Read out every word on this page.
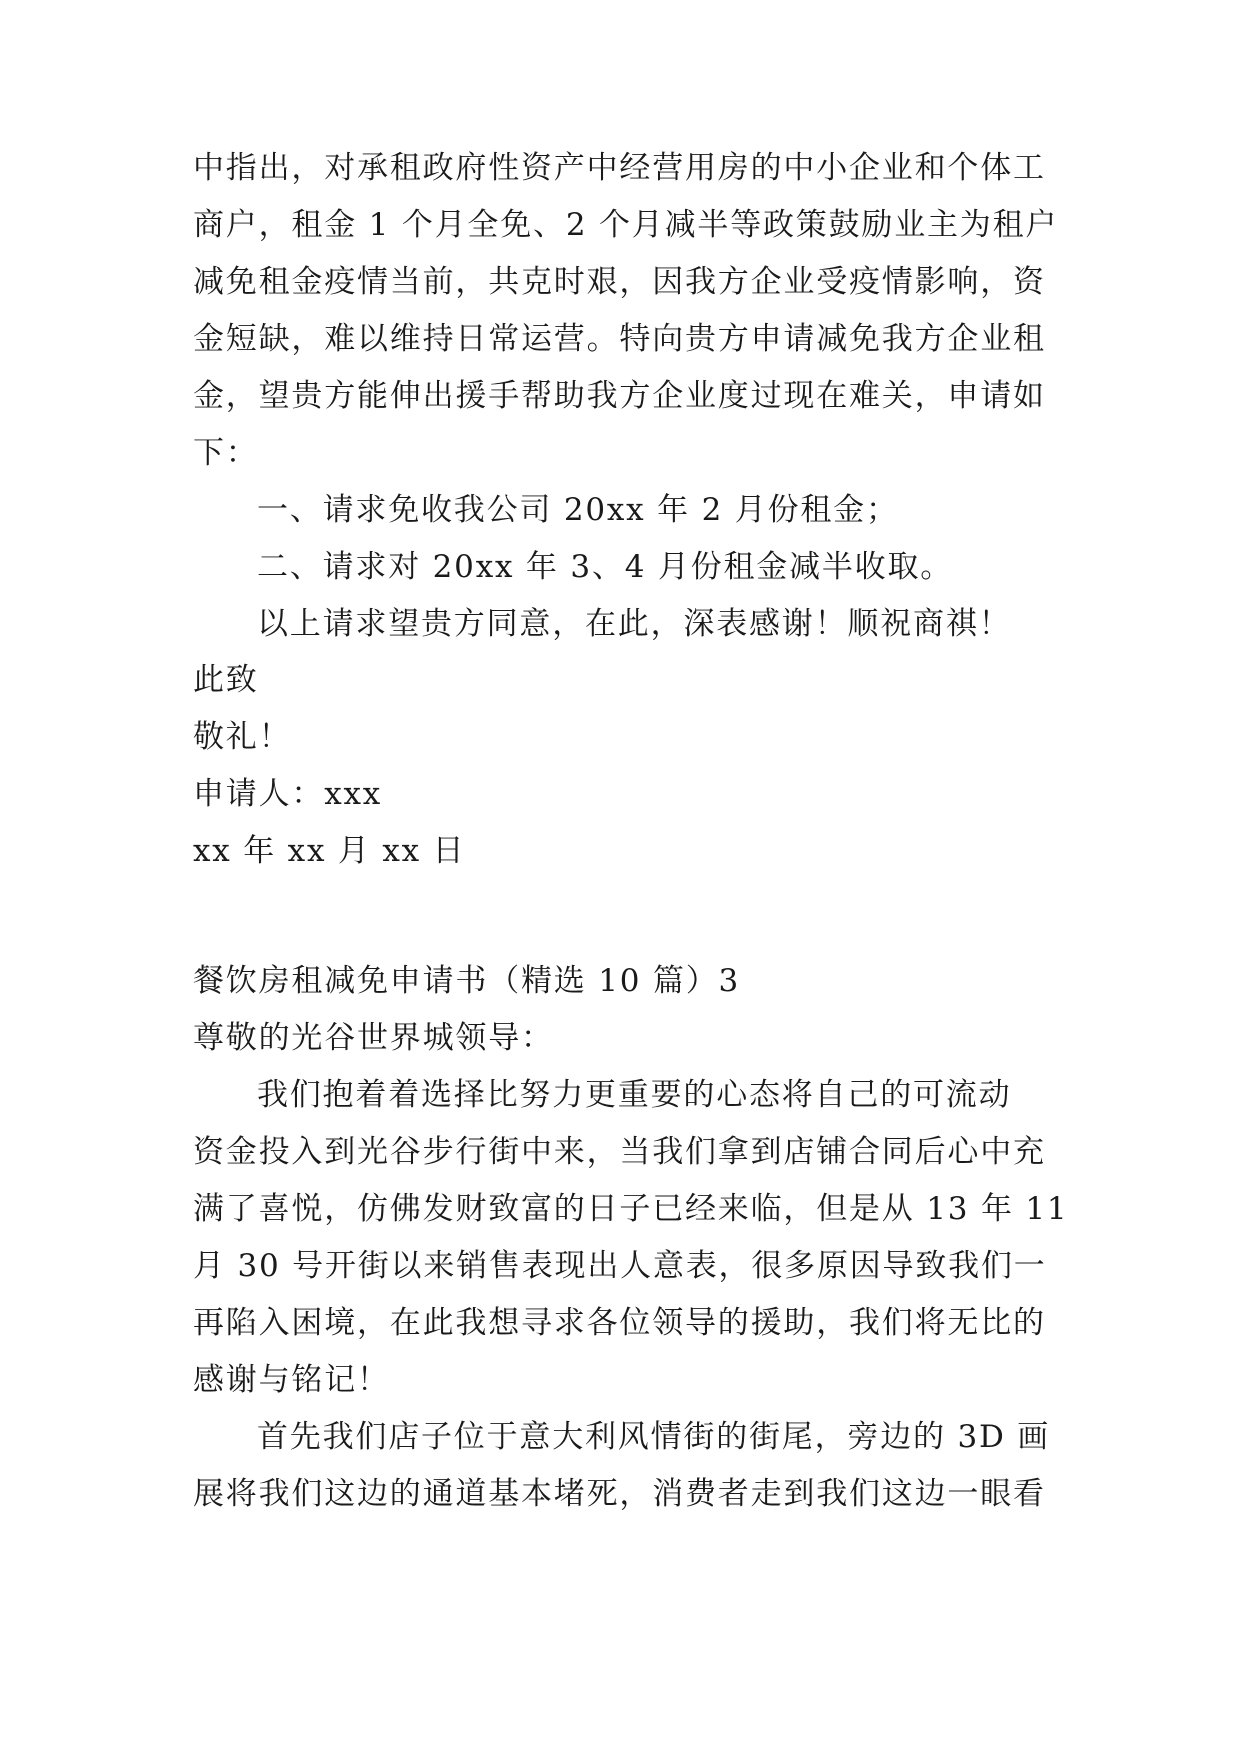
中指出，对承租政府性资产中经营用房的中小企业和个体工
商户，租金 1 个月全免、2 个月减半等政策鼓励业主为租户
减免租金疫情当前，共克时艰，因我方企业受疫情影响，资
金短缺，难以维持日常运营。特向贵方申请减免我方企业租
金，望贵方能伸出援手帮助我方企业度过现在难关，申请如
下：
一、请求免收我公司 20xx 年 2 月份租金；
二、请求对 20xx 年 3、4 月份租金减半收取。
以上请求望贵方同意，在此，深表感谢！顺祝商祺！
此致
敬礼！
申请人：xxx
xx 年 xx 月 xx 日
餐饮房租减免申请书（精选 10 篇）3
尊敬的光谷世界城领导：
我们抱着着选择比努力更重要的心态将自己的可流动
资金投入到光谷步行街中来，当我们拿到店铺合同后心中充
满了喜悦，仿佛发财致富的日子已经来临，但是从 13 年 11
月 30 号开街以来销售表现出人意表，很多原因导致我们一
再陷入困境，在此我想寻求各位领导的援助，我们将无比的
感谢与铭记！
首先我们店子位于意大利风情街的街尾，旁边的 3D 画
展将我们这边的通道基本堵死，消费者走到我们这边一眼看
